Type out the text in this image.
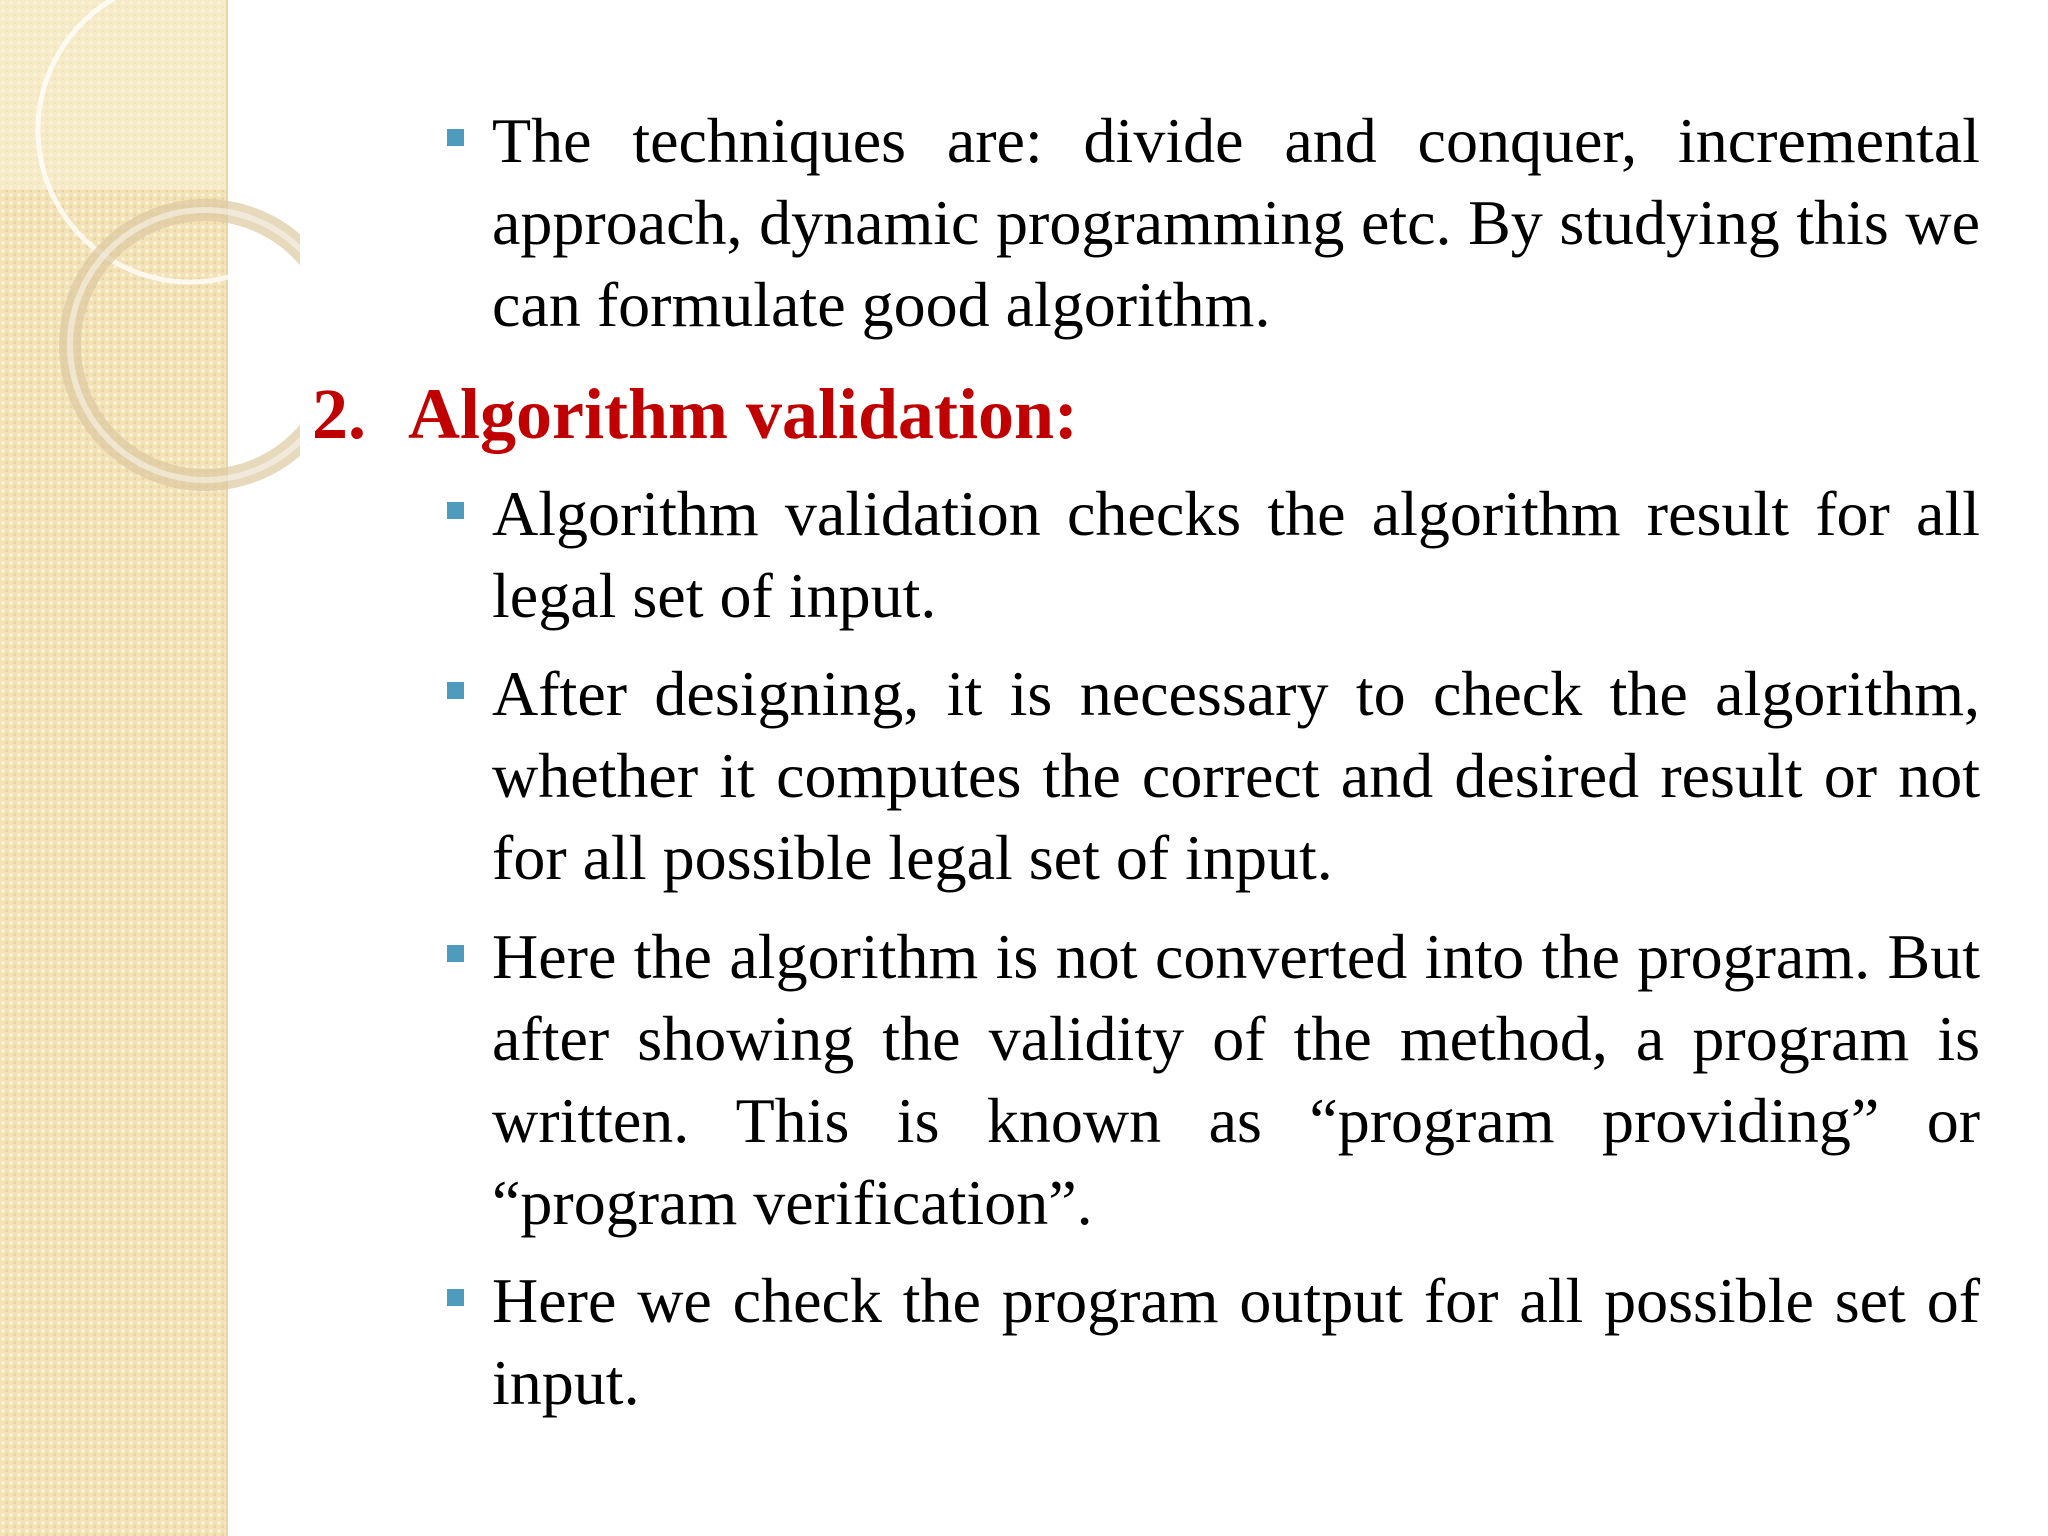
The techniques are: divide and conquer, incremental approach, dynamic programming etc. By studying this we can formulate good algorithm.
2. Algorithm validation:
Algorithm validation checks the algorithm result for all legal set of input.
After designing, it is necessary to check the algorithm, whether it computes the correct and desired result or not for all possible legal set of input.
Here the algorithm is not converted into the program. But after showing the validity of the method, a program is written. This is known as “program providing” or “program verification”.
Here we check the program output for all possible set of input.
